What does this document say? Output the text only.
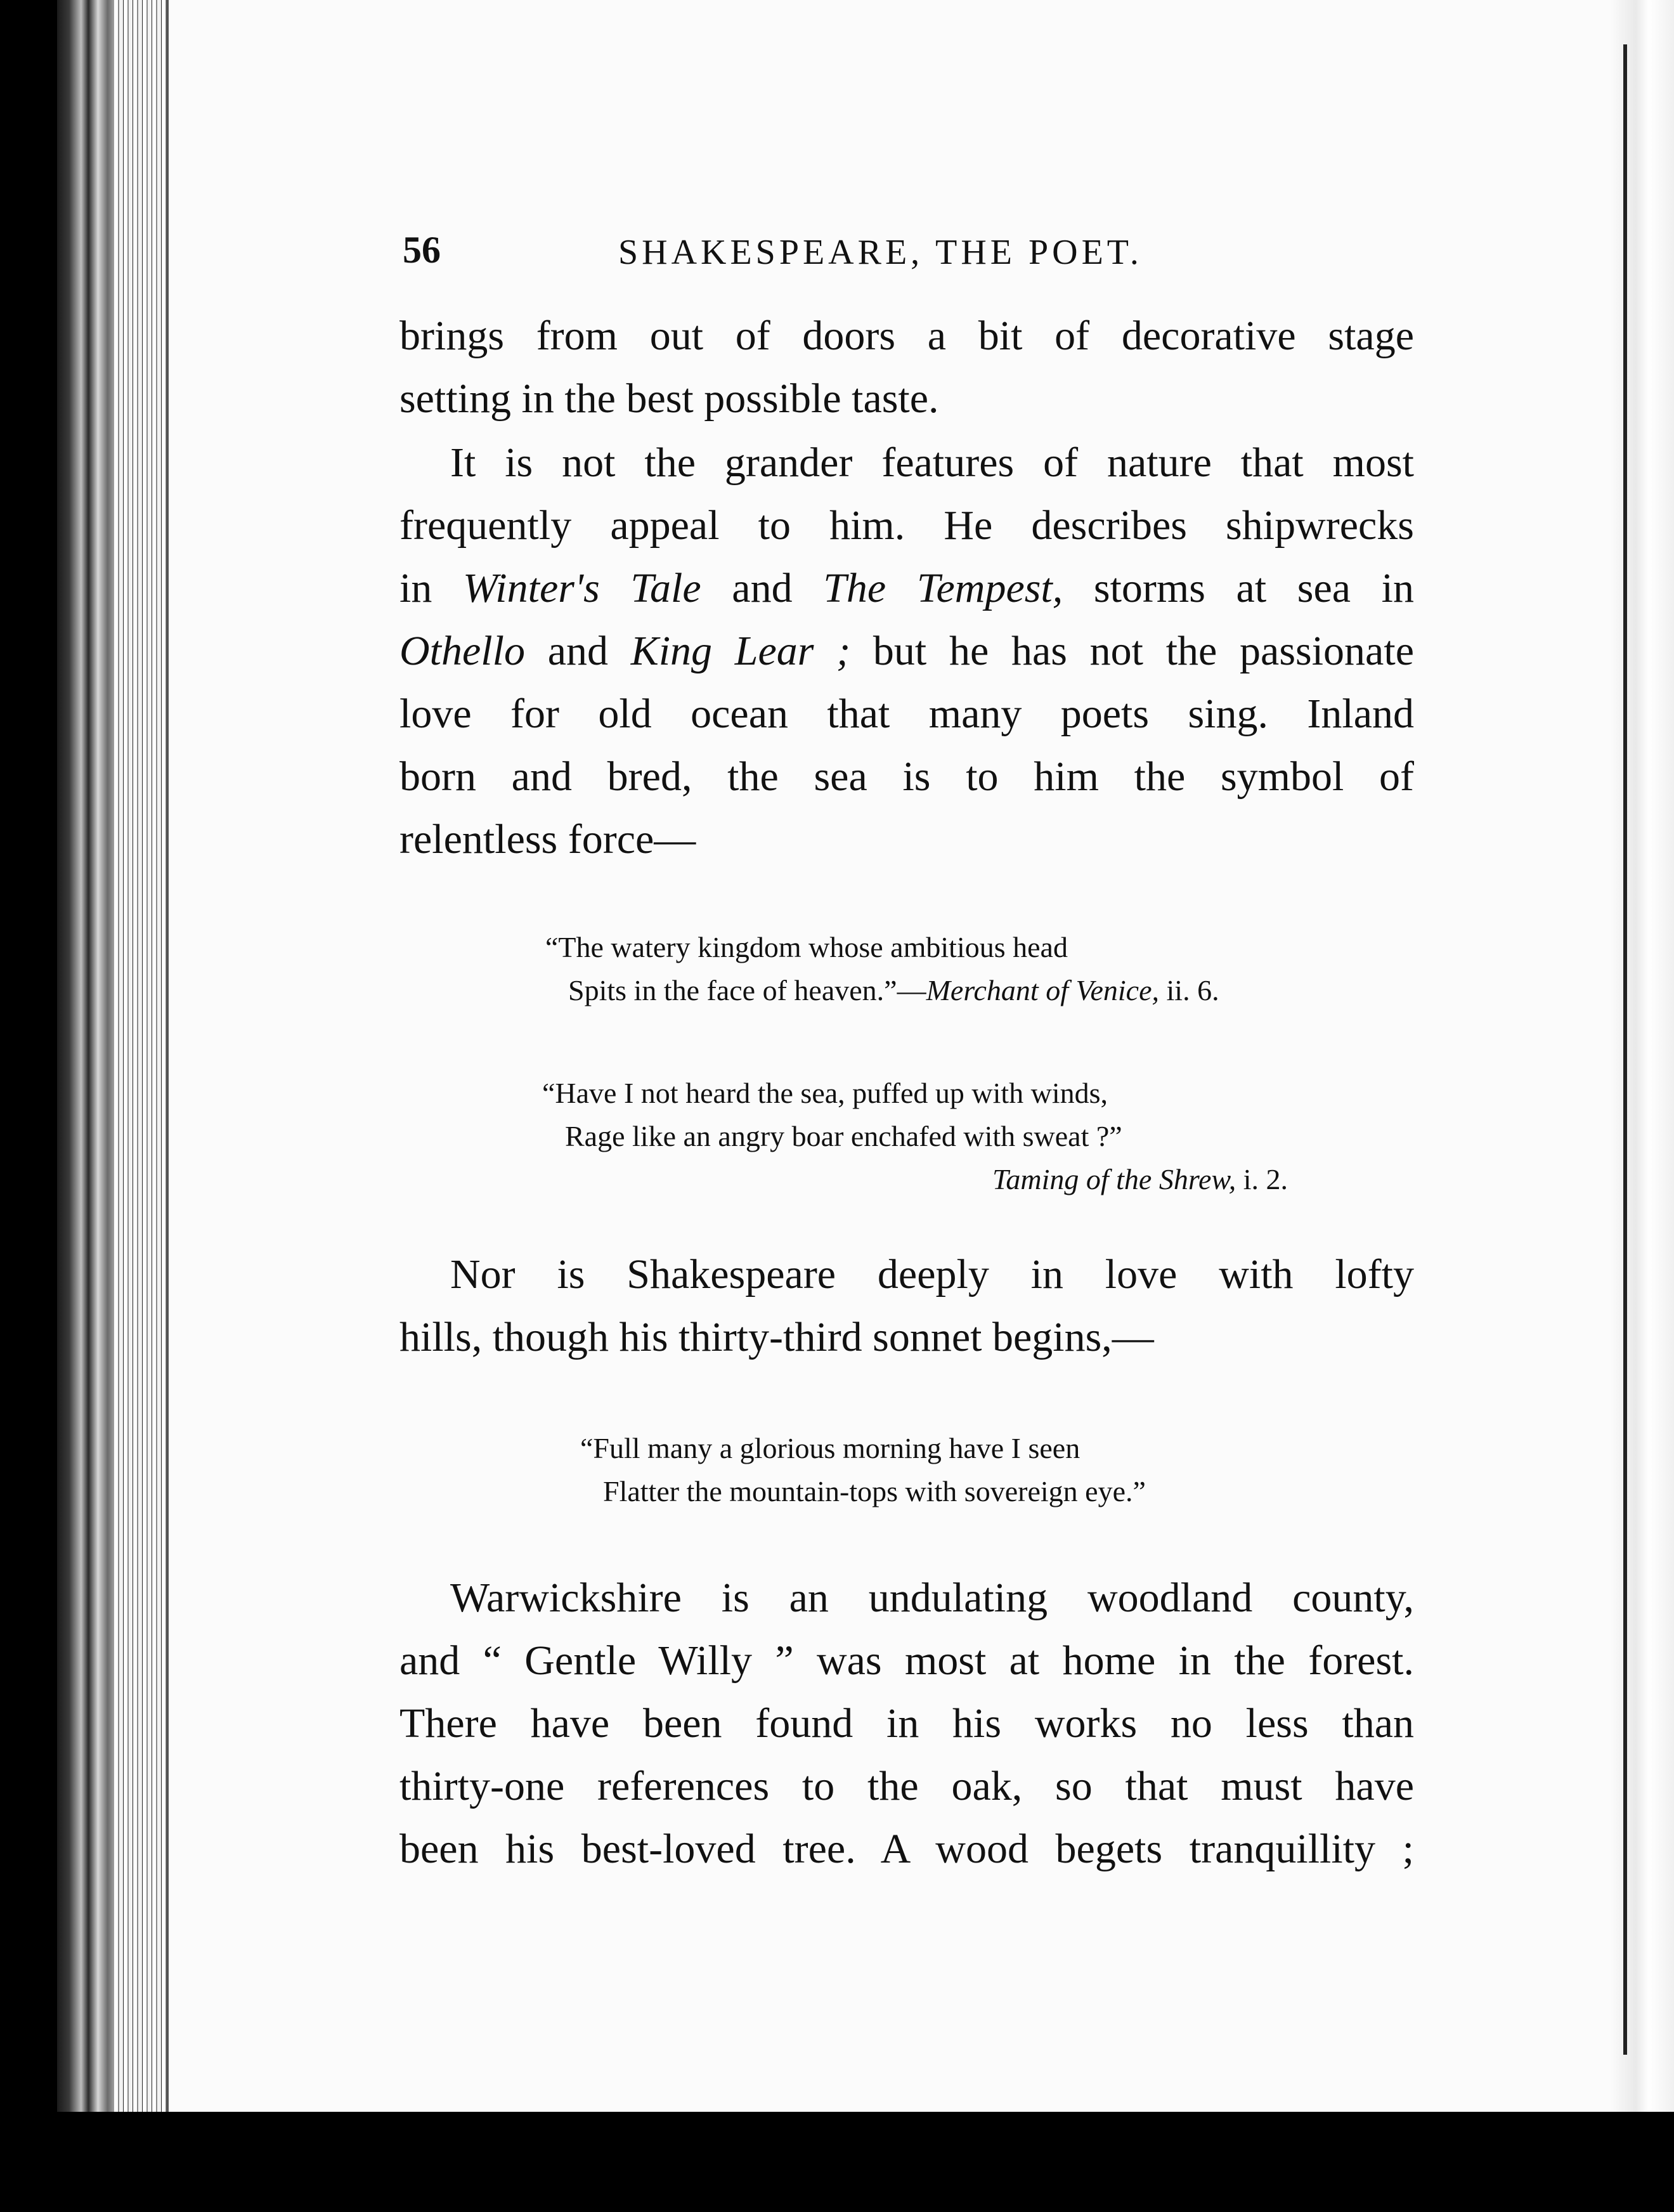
56	SHAKESPEARE, THE POET.
brings from out of doors a bit of decorative stage
setting in the best possible taste.
It is not the grander features of nature that most
frequently appeal to him. He describes shipwrecks
in Winter's Tale and The Tempest, storms at sea in
Othello and King Lear ; but he has not the passionate
love for old ocean that many poets sing. Inland
born and bred, the sea is to him the symbol of
relentless force—
“The watery kingdom whose ambitious head
Spits in the face of heaven.”—Merchant of Venice, ii. 6.
“Have I not heard the sea, puffed up with winds,
Rage like an angry boar enchafed with sweat ?”
Taming of the Shrew, i. 2.
Nor is Shakespeare deeply in love with lofty
hills, though his thirty-third sonnet begins,—
“Full many a glorious morning have I seen
Flatter the mountain-tops with sovereign eye.”
Warwickshire is an undulating woodland county,
and “ Gentle Willy ” was most at home in the forest.
There have been found in his works no less than
thirty-one references to the oak, so that must have
been his best-loved tree. A wood begets tranquillity ;
